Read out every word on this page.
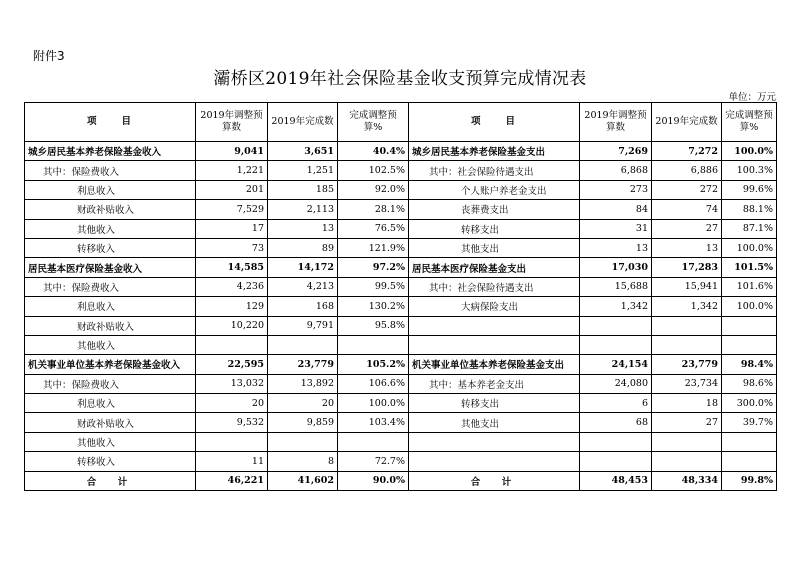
附件3
灞桥区2019年社会保险基金收支预算完成情况表
单位：万元
项　　目	2019年调整预算数	2019年完成数	完成调整预算%	项　　目	2019年调整预算数	2019年完成数	完成调整预算%
城乡居民基本养老保险基金收入	9,041	3,651	40.4%	城乡居民基本养老保险基金支出	7,269	7,272	100.0%
其中：保险费收入	1,221	1,251	102.5%	其中：社会保险待遇支出	6,868	6,886	100.3%
利息收入	201	185	92.0%	个人账户养老金支出	273	272	99.6%
财政补贴收入	7,529	2,113	28.1%	丧葬费支出	84	74	88.1%
其他收入	17	13	76.5%	转移支出	31	27	87.1%
转移收入	73	89	121.9%	其他支出	13	13	100.0%
居民基本医疗保险基金收入	14,585	14,172	97.2%	居民基本医疗保险基金支出	17,030	17,283	101.5%
其中：保险费收入	4,236	4,213	99.5%	其中：社会保险待遇支出	15,688	15,941	101.6%
利息收入	129	168	130.2%	大病保险支出	1,342	1,342	100.0%
财政补贴收入	10,220	9,791	95.8%				
其他收入							
机关事业单位基本养老保险基金收入	22,595	23,779	105.2%	机关事业单位基本养老保险基金支出	24,154	23,779	98.4%
其中：保险费收入	13,032	13,892	106.6%	其中：基本养老金支出	24,080	23,734	98.6%
利息收入	20	20	100.0%	转移支出	6	18	300.0%
财政补贴收入	9,532	9,859	103.4%	其他支出	68	27	39.7%
其他收入							
转移收入	11	8	72.7%				
合　计	46,221	41,602	90.0%	合　计	48,453	48,334	99.8%
